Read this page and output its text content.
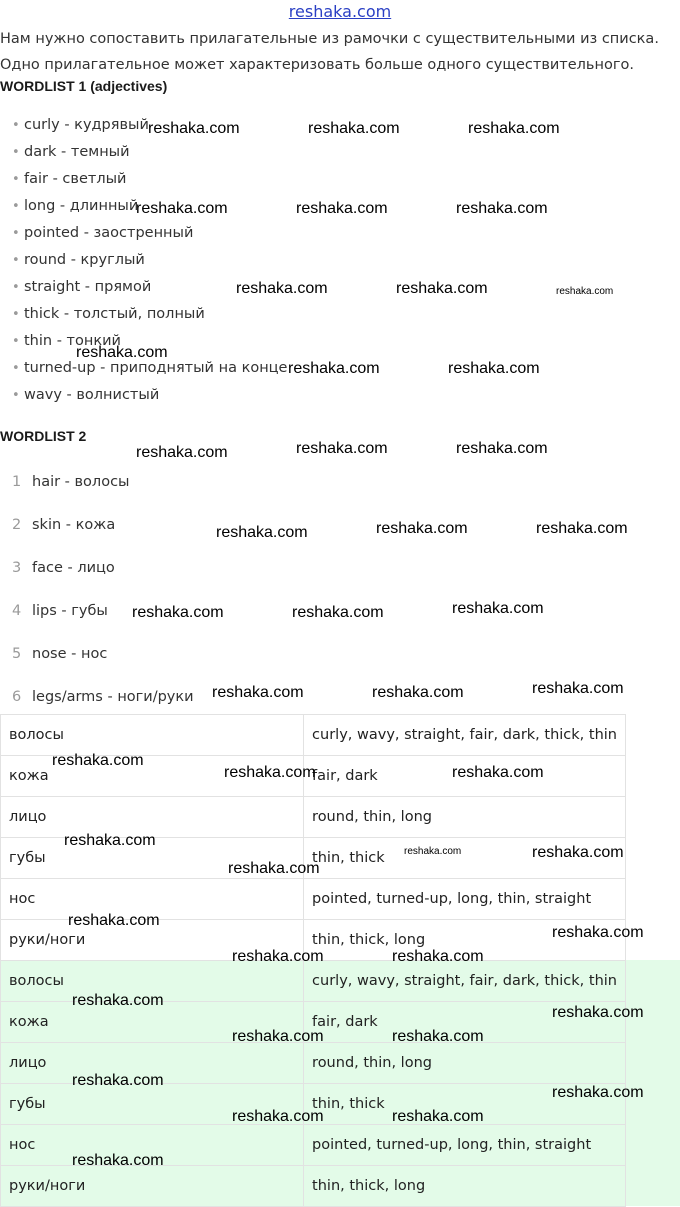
reshaka.com
Нам нужно сопоставить прилагательные из рамочки с существительными из списка.
Одно прилагательное может характеризовать больше одного существительного.
WORDLIST 1 (adjectives)
• curly - кудрявый
• dark - темный
• fair - светлый
• long - длинный
• pointed - заостренный
• round - круглый
• straight - прямой
• thick - толстый, полный
• thin - тонкий
• turned-up - приподнятый на конце
• wavy - волнистый
WORDLIST 2
1 hair - волосы
2 skin - кожа
3 face - лицо
4 lips - губы
5 nose - нос
6 legs/arms - ноги/руки
волосы	curly, wavy, straight, fair, dark, thick, thin
кожа	fair, dark
лицо	round, thin, long
губы	thin, thick
нос	pointed, turned-up, long, thin, straight
руки/ноги	thin, thick, long
волосы	curly, wavy, straight, fair, dark, thick, thin
кожа	fair, dark
лицо	round, thin, long
губы	thin, thick
нос	pointed, turned-up, long, thin, straight
руки/ноги	thin, thick, long
reshaka.com	reshaka.com	reshaka.com
reshaka.com	reshaka.com	reshaka.com
reshaka.com	reshaka.com	reshaka.com
reshaka.com
reshaka.com	reshaka.com
reshaka.com	reshaka.com	reshaka.com
reshaka.com	reshaka.com	reshaka.com
reshaka.com	reshaka.com	reshaka.com
reshaka.com	reshaka.com	reshaka.com
reshaka.com
reshaka.com	reshaka.com
reshaka.com
reshaka.com	reshaka.com
reshaka.com
reshaka.com
reshaka.com
reshaka.com	reshaka.com
reshaka.com
reshaka.com
reshaka.com	reshaka.com
reshaka.com
reshaka.com
reshaka.com	reshaka.com
reshaka.com
